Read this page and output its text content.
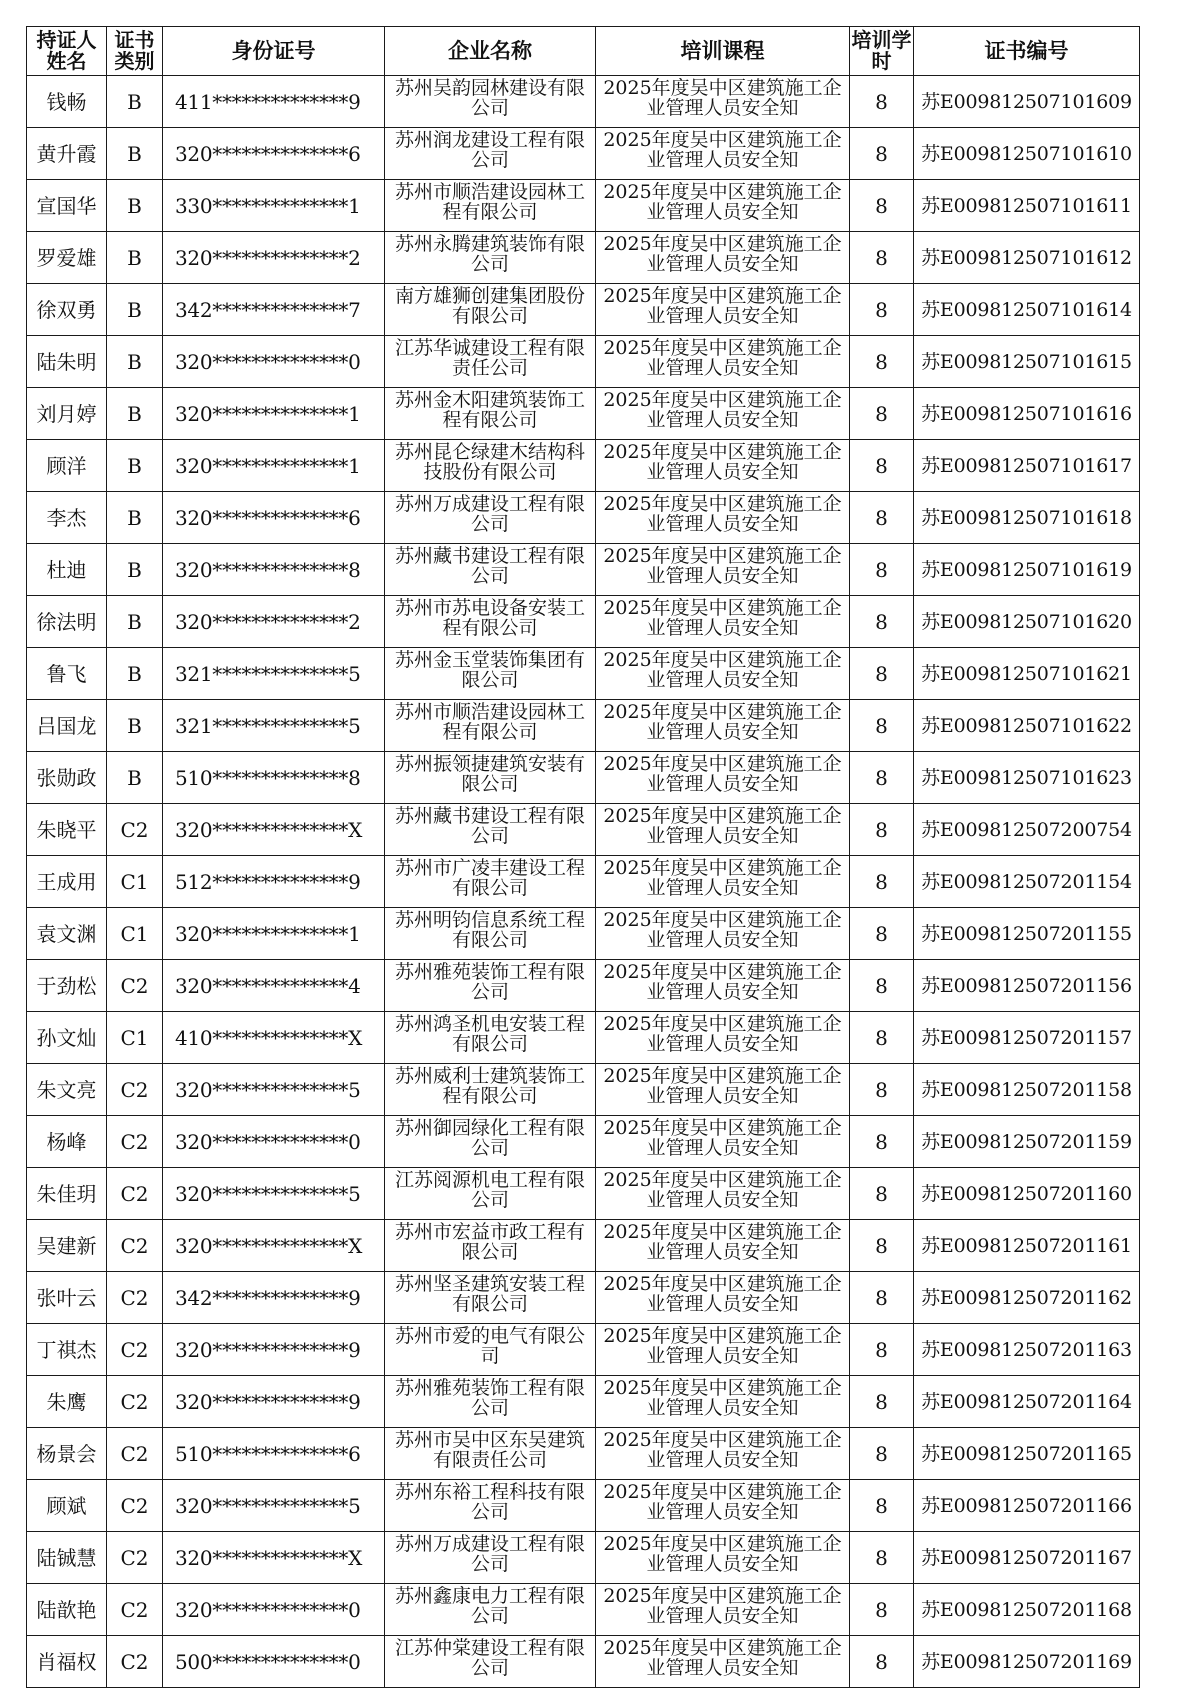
持证人姓名	证书类别	身份证号	企业名称	培训课程	培训学时	证书编号
钱畅	B	411**************9	苏州吴韵园林建设有限公司	2025年度吴中区建筑施工企业管理人员安全知	8	苏E009812507101609
黄升霞	B	320**************6	苏州润龙建设工程有限公司	2025年度吴中区建筑施工企业管理人员安全知	8	苏E009812507101610
宣国华	B	330**************1	苏州市顺浩建设园林工程有限公司	2025年度吴中区建筑施工企业管理人员安全知	8	苏E009812507101611
罗爱雄	B	320**************2	苏州永腾建筑装饰有限公司	2025年度吴中区建筑施工企业管理人员安全知	8	苏E009812507101612
徐双勇	B	342**************7	南方雄狮创建集团股份有限公司	2025年度吴中区建筑施工企业管理人员安全知	8	苏E009812507101614
陆朱明	B	320**************0	江苏华诚建设工程有限责任公司	2025年度吴中区建筑施工企业管理人员安全知	8	苏E009812507101615
刘月婷	B	320**************1	苏州金木阳建筑装饰工程有限公司	2025年度吴中区建筑施工企业管理人员安全知	8	苏E009812507101616
顾洋	B	320**************1	苏州昆仑绿建木结构科技股份有限公司	2025年度吴中区建筑施工企业管理人员安全知	8	苏E009812507101617
李杰	B	320**************6	苏州万成建设工程有限公司	2025年度吴中区建筑施工企业管理人员安全知	8	苏E009812507101618
杜迪	B	320**************8	苏州藏书建设工程有限公司	2025年度吴中区建筑施工企业管理人员安全知	8	苏E009812507101619
徐法明	B	320**************2	苏州市苏电设备安装工程有限公司	2025年度吴中区建筑施工企业管理人员安全知	8	苏E009812507101620
鲁飞	B	321**************5	苏州金玉堂装饰集团有限公司	2025年度吴中区建筑施工企业管理人员安全知	8	苏E009812507101621
吕国龙	B	321**************5	苏州市顺浩建设园林工程有限公司	2025年度吴中区建筑施工企业管理人员安全知	8	苏E009812507101622
张勋政	B	510**************8	苏州振领捷建筑安装有限公司	2025年度吴中区建筑施工企业管理人员安全知	8	苏E009812507101623
朱晓平	C2	320**************X	苏州藏书建设工程有限公司	2025年度吴中区建筑施工企业管理人员安全知	8	苏E009812507200754
王成用	C1	512**************9	苏州市广凌丰建设工程有限公司	2025年度吴中区建筑施工企业管理人员安全知	8	苏E009812507201154
袁文渊	C1	320**************1	苏州明钧信息系统工程有限公司	2025年度吴中区建筑施工企业管理人员安全知	8	苏E009812507201155
于劲松	C2	320**************4	苏州雅苑装饰工程有限公司	2025年度吴中区建筑施工企业管理人员安全知	8	苏E009812507201156
孙文灿	C1	410**************X	苏州鸿圣机电安装工程有限公司	2025年度吴中区建筑施工企业管理人员安全知	8	苏E009812507201157
朱文亮	C2	320**************5	苏州威利士建筑装饰工程有限公司	2025年度吴中区建筑施工企业管理人员安全知	8	苏E009812507201158
杨峰	C2	320**************0	苏州御园绿化工程有限公司	2025年度吴中区建筑施工企业管理人员安全知	8	苏E009812507201159
朱佳玥	C2	320**************5	江苏阅源机电工程有限公司	2025年度吴中区建筑施工企业管理人员安全知	8	苏E009812507201160
吴建新	C2	320**************X	苏州市宏益市政工程有限公司	2025年度吴中区建筑施工企业管理人员安全知	8	苏E009812507201161
张叶云	C2	342**************9	苏州坚圣建筑安装工程有限公司	2025年度吴中区建筑施工企业管理人员安全知	8	苏E009812507201162
丁祺杰	C2	320**************9	苏州市爱的电气有限公司	2025年度吴中区建筑施工企业管理人员安全知	8	苏E009812507201163
朱鹰	C2	320**************9	苏州雅苑装饰工程有限公司	2025年度吴中区建筑施工企业管理人员安全知	8	苏E009812507201164
杨景会	C2	510**************6	苏州市吴中区东吴建筑有限责任公司	2025年度吴中区建筑施工企业管理人员安全知	8	苏E009812507201165
顾斌	C2	320**************5	苏州东裕工程科技有限公司	2025年度吴中区建筑施工企业管理人员安全知	8	苏E009812507201166
陆铖慧	C2	320**************X	苏州万成建设工程有限公司	2025年度吴中区建筑施工企业管理人员安全知	8	苏E009812507201167
陆歆艳	C2	320**************0	苏州鑫康电力工程有限公司	2025年度吴中区建筑施工企业管理人员安全知	8	苏E009812507201168
肖福权	C2	500**************0	江苏仲棠建设工程有限公司	2025年度吴中区建筑施工企业管理人员安全知	8	苏E009812507201169
